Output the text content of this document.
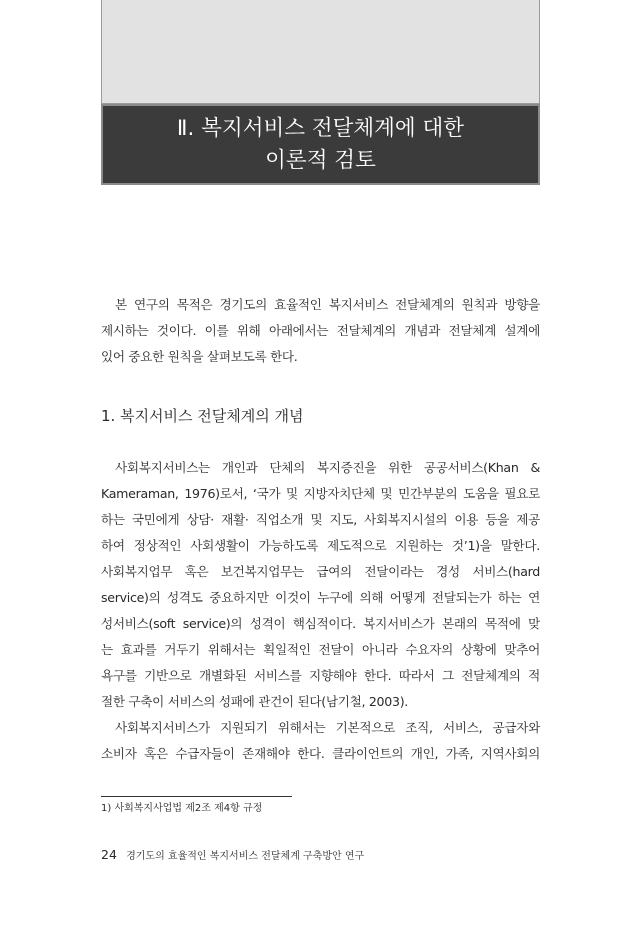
Ⅱ. 복지서비스 전달체계에 대한
이론적 검토
본 연구의 목적은 경기도의 효율적인 복지서비스 전달체계의 원칙과 방향을
제시하는 것이다. 이를 위해 아래에서는 전달체계의 개념과 전달체계 설계에
있어 중요한 원칙을 살펴보도록 한다.
1. 복지서비스 전달체계의 개념
사회복지서비스는 개인과 단체의 복지증진을 위한 공공서비스(Khan &
Kameraman, 1976)로서, ‘국가 및 지방자치단체 및 민간부분의 도움을 필요로
하는 국민에게 상담· 재활· 직업소개 및 지도, 사회복지시설의 이용 등을 제공
하여 정상적인 사회생활이 가능하도록 제도적으로 지원하는 것’1)을 말한다.
사회복지업무 혹은 보건복지업무는 급여의 전달이라는 경성 서비스(hard
service)의 성격도 중요하지만 이것이 누구에 의해 어떻게 전달되는가 하는 연
성서비스(soft service)의 성격이 핵심적이다. 복지서비스가 본래의 목적에 맞
는 효과를 거두기 위해서는 획일적인 전달이 아니라 수요자의 상황에 맞추어
욕구를 기반으로 개별화된 서비스를 지향해야 한다. 따라서 그 전달체계의 적
절한 구축이 서비스의 성패에 관건이 된다(남기철, 2003).
사회복지서비스가 지원되기 위해서는 기본적으로 조직, 서비스, 공급자와
소비자 혹은 수급자들이 존재해야 한다. 클라이언트의 개인, 가족, 지역사회의
1) 사회복지사업법 제2조 제4항 규정
24 경기도의 효율적인 복지서비스 전달체계 구축방안 연구
